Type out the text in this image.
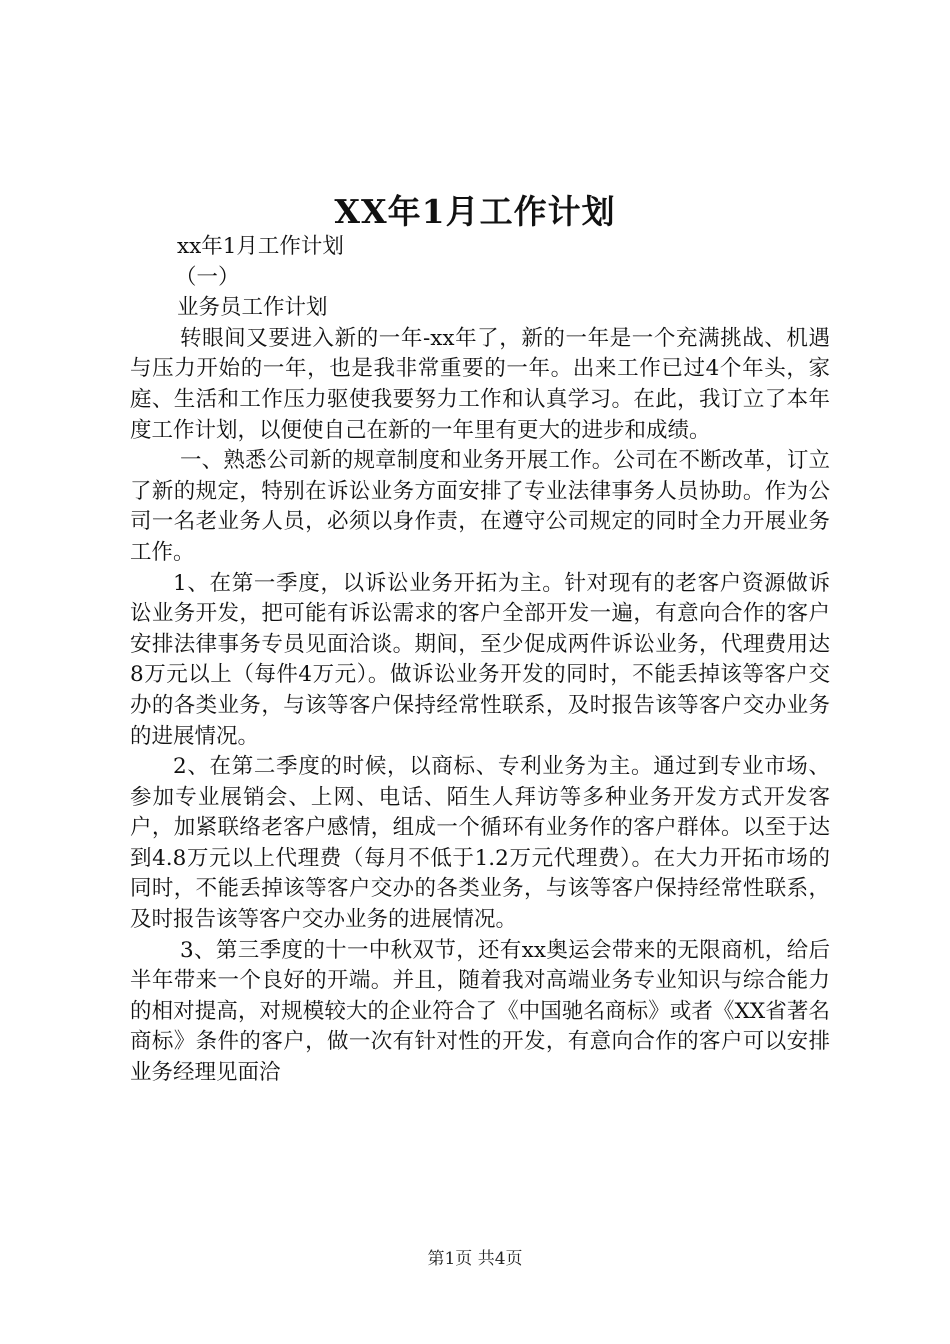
XX年1月工作计划

xx年1月工作计划

（一）

业务员工作计划

转眼间又要进入新的一年-xx年了，新的一年是一个充满挑战、机遇与压力开始的一年，也是我非常重要的一年。出来工作已过4个年头，家庭、生活和工作压力驱使我要努力工作和认真学习。在此，我订立了本年度工作计划，以便使自己在新的一年里有更大的进步和成绩。

一、熟悉公司新的规章制度和业务开展工作。公司在不断改革，订立了新的规定，特别在诉讼业务方面安排了专业法律事务人员协助。作为公司一名老业务人员，必须以身作责，在遵守公司规定的同时全力开展业务工作。

1、在第一季度，以诉讼业务开拓为主。针对现有的老客户资源做诉讼业务开发，把可能有诉讼需求的客户全部开发一遍，有意向合作的客户安排法律事务专员见面洽谈。期间，至少促成两件诉讼业务，代理费用达8万元以上（每件4万元）。做诉讼业务开发的同时，不能丢掉该等客户交办的各类业务，与该等客户保持经常性联系，及时报告该等客户交办业务的进展情况。

2、在第二季度的时候，以商标、专利业务为主。通过到专业市场、参加专业展销会、上网、电话、陌生人拜访等多种业务开发方式开发客户，加紧联络老客户感情，组成一个循环有业务作的客户群体。以至于达到4.8万元以上代理费（每月不低于1.2万元代理费）。在大力开拓市场的同时，不能丢掉该等客户交办的各类业务，与该等客户保持经常性联系，及时报告该等客户交办业务的进展情况。

3、第三季度的十一中秋双节，还有xx奥运会带来的无限商机，给后半年带来一个良好的开端。并且，随着我对高端业务专业知识与综合能力的相对提高，对规模较大的企业符合了《中国驰名商标》或者《XX省著名商标》条件的客户，做一次有针对性的开发，有意向合作的客户可以安排业务经理见面洽

第1页 共4页
